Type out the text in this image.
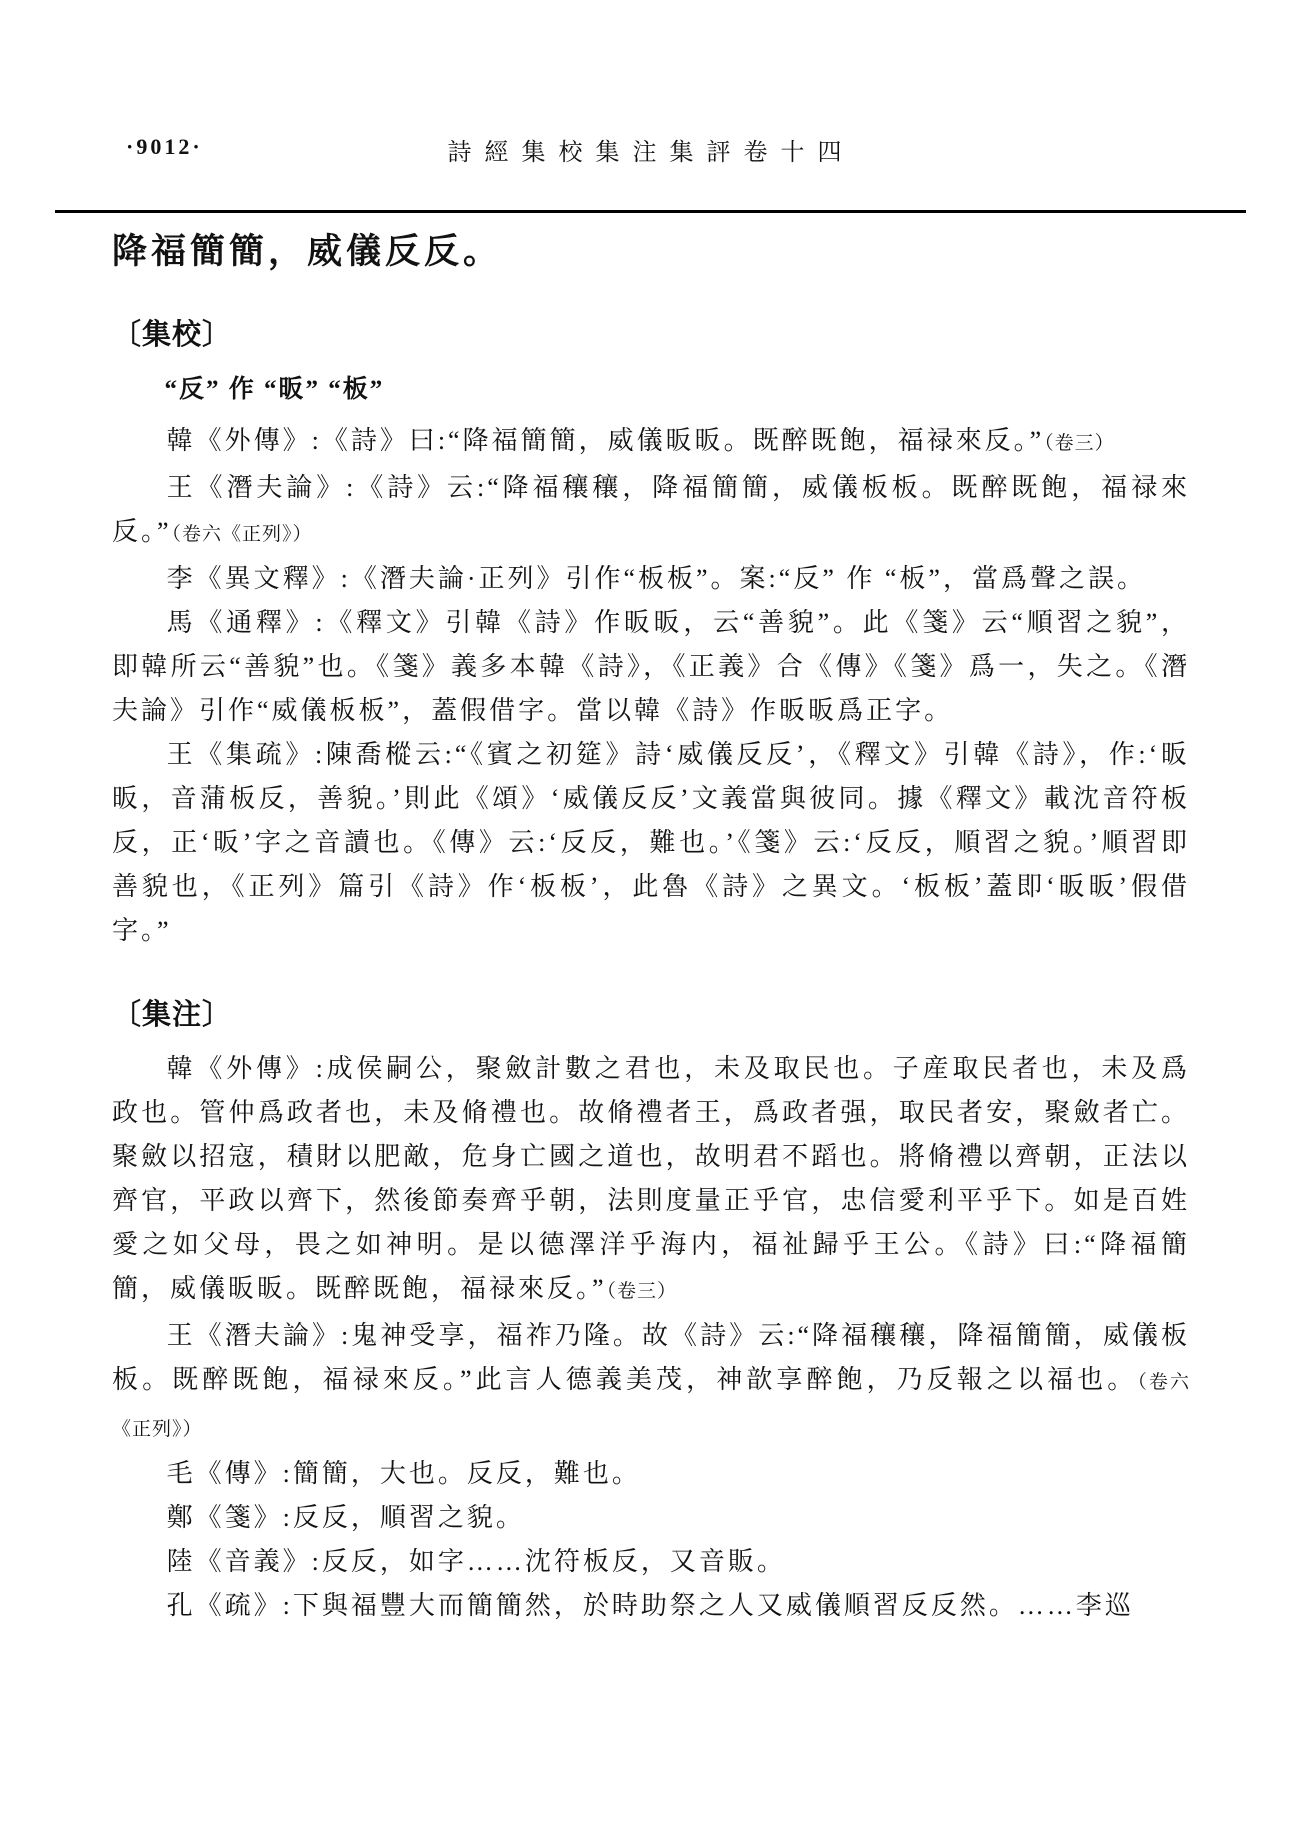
·9012·	詩經集校集注集評卷十四
降福簡簡，威儀反反。
〔集校〕

“反” 作 “昄” “板”

韓《外傳》:《詩》曰:“降福簡簡，威儀昄昄。既醉既飽，福禄來反。”（卷三）

王《潛夫論》:《詩》云:“降福穰穰，降福簡簡，威儀板板。既醉既飽，福禄來反。”（卷六《正列》）

李《異文釋》:《潛夫論·正列》引作“板板”。案:“反” 作 “板”，當爲聲之誤。

馬《通釋》:《釋文》引韓《詩》作昄昄，云“善貌”。此《箋》云“順習之貌”，即韓所云“善貌”也。《箋》義多本韓《詩》，《正義》合《傳》《箋》爲一，失之。《潛夫論》引作“威儀板板”，蓋假借字。當以韓《詩》作昄昄爲正字。

王《集疏》:陳喬樅云:“《賓之初筵》詩‘威儀反反’，《釋文》引韓《詩》，作:‘昄昄，音蒲板反，善貌。’則此《頌》‘威儀反反’文義當與彼同。據《釋文》載沈音符板反，正‘昄’字之音讀也。《傳》云:‘反反，難也。’《箋》云:‘反反，順習之貌。’順習即善貌也，《正列》篇引《詩》作‘板板’，此魯《詩》之異文。‘板板’蓋即‘昄昄’假借字。”

〔集注〕

韓《外傳》:成侯嗣公，聚斂計數之君也，未及取民也。子産取民者也，未及爲政也。管仲爲政者也，未及脩禮也。故脩禮者王，爲政者强，取民者安，聚斂者亡。聚斂以招寇，積財以肥敵，危身亡國之道也，故明君不蹈也。將脩禮以齊朝，正法以齊官，平政以齊下，然後節奏齊乎朝，法則度量正乎官，忠信愛利平乎下。如是百姓愛之如父母，畏之如神明。是以德澤洋乎海内，福祉歸乎王公。《詩》曰:“降福簡簡，威儀昄昄。既醉既飽，福禄來反。”（卷三）

王《潛夫論》:鬼神受享，福祚乃隆。故《詩》云:“降福穰穰，降福簡簡，威儀板板。既醉既飽，福禄來反。”此言人德義美茂，神歆享醉飽，乃反報之以福也。（卷六《正列》）

毛《傳》:簡簡，大也。反反，難也。

鄭《箋》:反反，順習之貌。

陸《音義》:反反，如字……沈符板反，又音販。

孔《疏》:下與福豐大而簡簡然，於時助祭之人又威儀順習反反然。……李巡
